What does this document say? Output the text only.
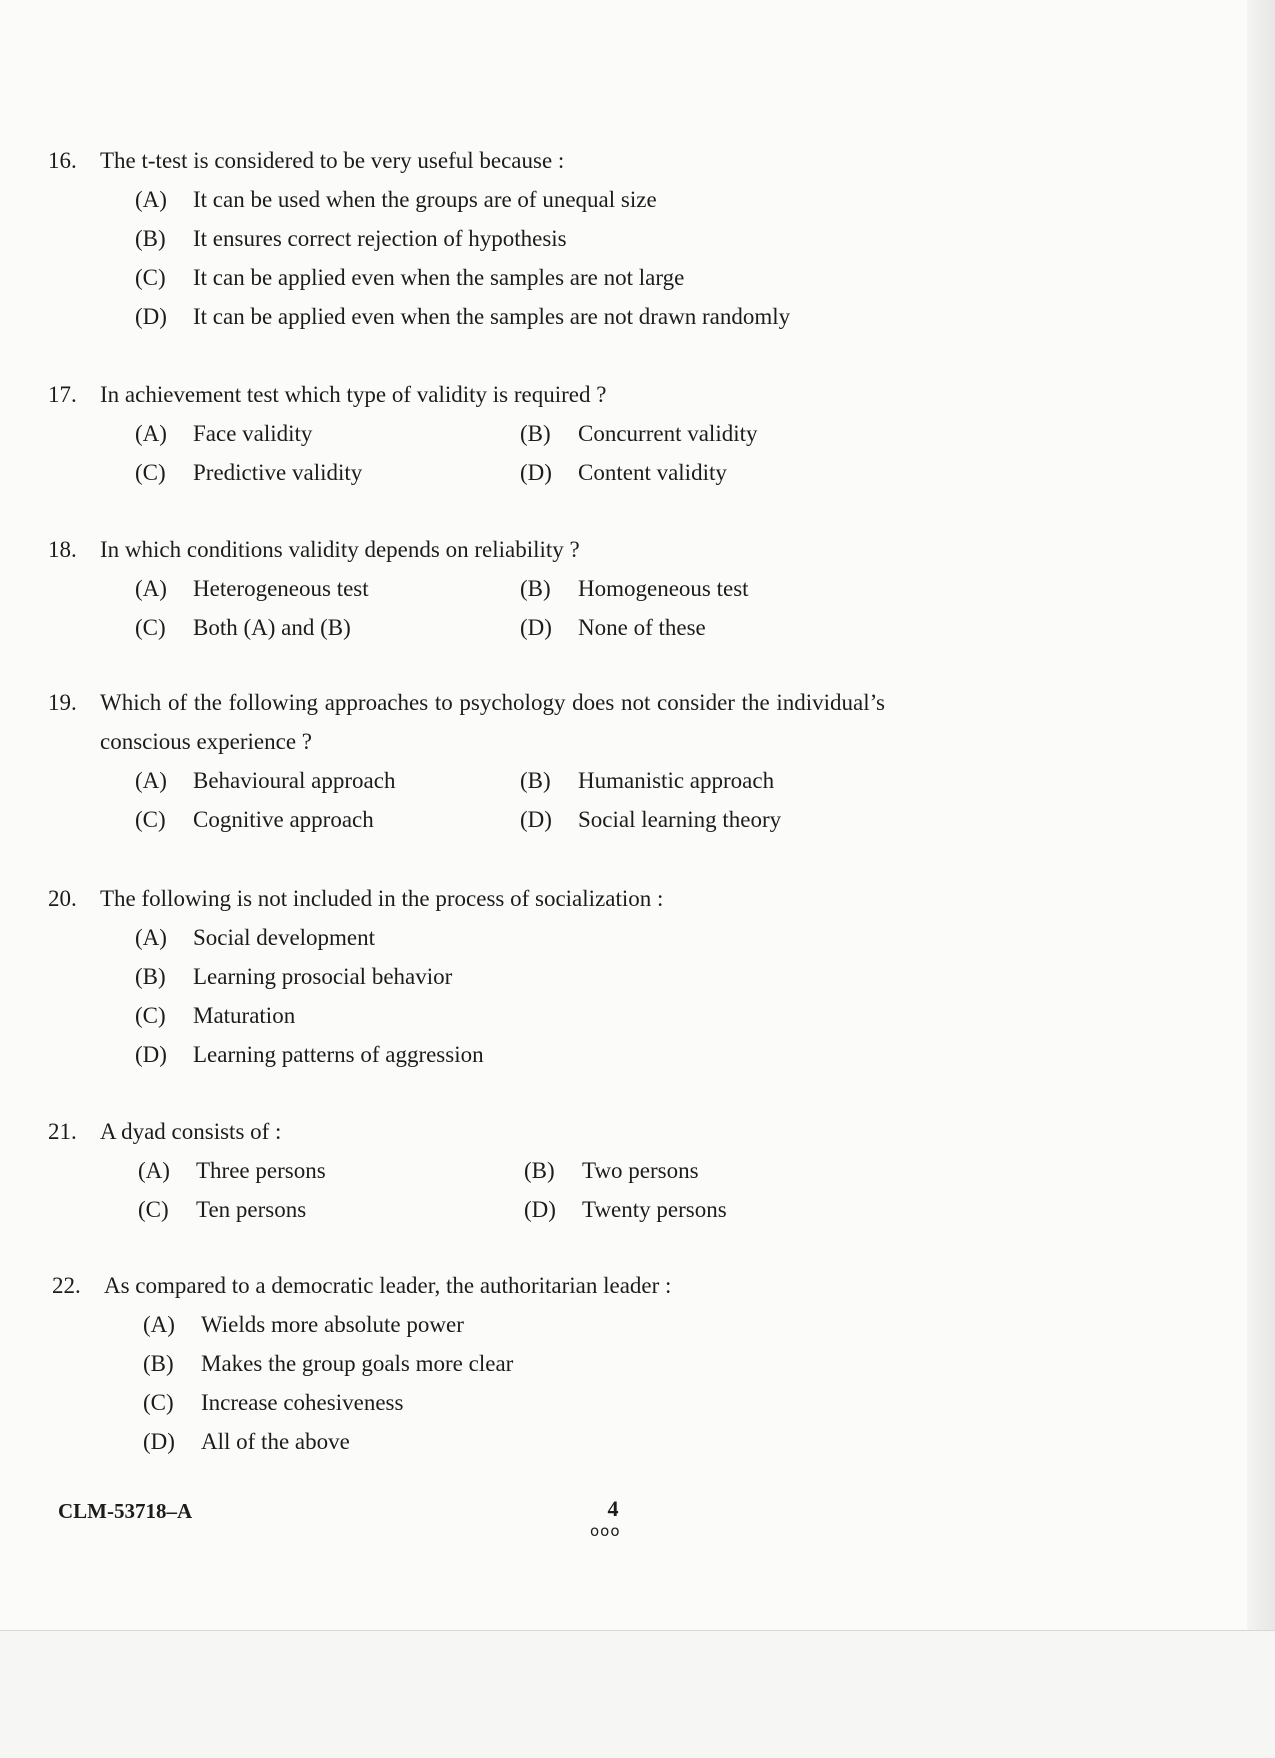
16.	The t-test is considered to be very useful because :
(A) It can be used when the groups are of unequal size
(B) It ensures correct rejection of hypothesis
(C) It can be applied even when the samples are not large
(D) It can be applied even when the samples are not drawn randomly
17.	In achievement test which type of validity is required ?
(A) Face validity	(B) Concurrent validity
(C) Predictive validity	(D) Content validity
18.	In which conditions validity depends on reliability ?
(A) Heterogeneous test	(B) Homogeneous test
(C) Both (A) and (B)	(D) None of these
19.	Which of the following approaches to psychology does not consider the individual’s conscious experience ?
(A) Behavioural approach	(B) Humanistic approach
(C) Cognitive approach	(D) Social learning theory
20.	The following is not included in the process of socialization :
(A) Social development
(B) Learning prosocial behavior
(C) Maturation
(D) Learning patterns of aggression
21.	A dyad consists of :
(A) Three persons	(B) Two persons
(C) Ten persons	(D) Twenty persons
22.	As compared to a democratic leader, the authoritarian leader :
(A) Wields more absolute power
(B) Makes the group goals more clear
(C) Increase cohesiveness
(D) All of the above
CLM-53718–A	4
ooo
